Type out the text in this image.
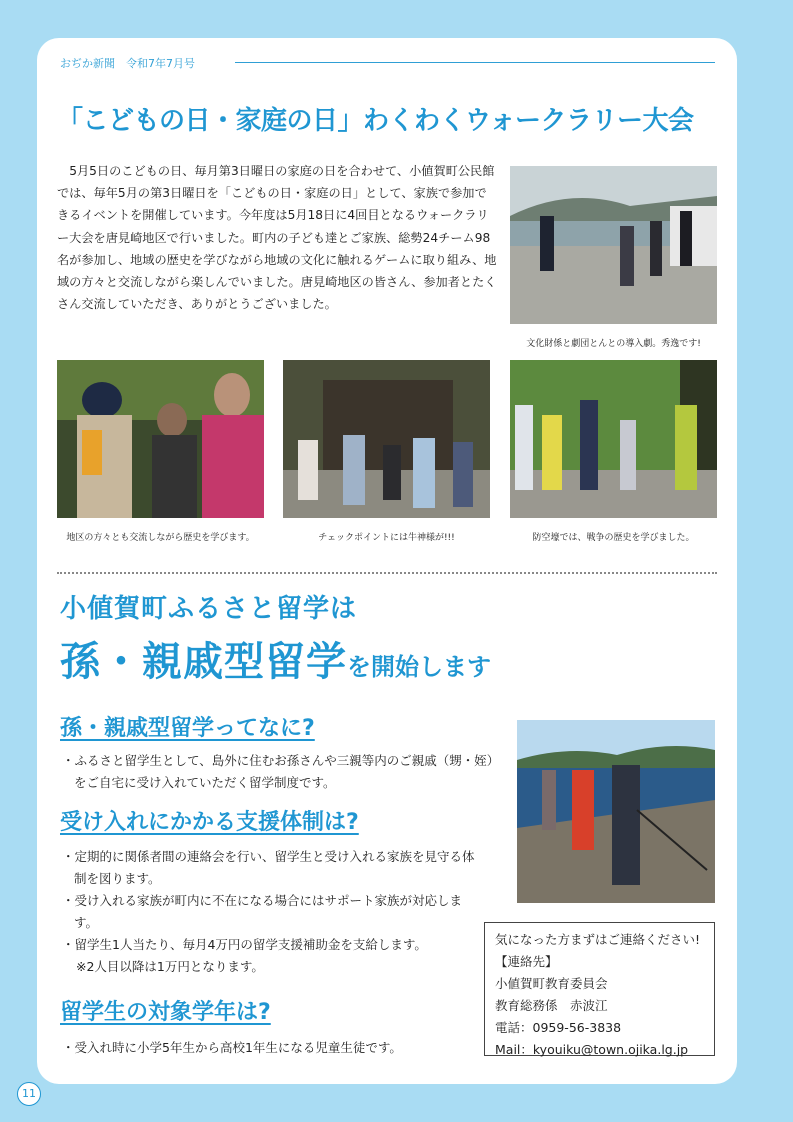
おぢか新聞　令和7年7月号
「こどもの日・家庭の日」わくわくウォークラリー大会
5月5日のこどもの日、毎月第3日曜日の家庭の日を合わせて、小値賀町公民館では、毎年5月の第3日曜日を「こどもの日・家庭の日」として、家族で参加できるイベントを開催しています。今年度は5月18日に4回目となるウォークラリー大会を唐見崎地区で行いました。町内の子ども達とご家族、総勢24チーム98名が参加し、地域の歴史を学びながら地域の文化に触れるゲームに取り組み、地域の方々と交流しながら楽しんでいました。唐見崎地区の皆さん、参加者とたくさん交流していただき、ありがとうございました。
文化財係と劇団とんとの導入劇。秀逸です!
地区の方々とも交流しながら歴史を学びます。	チェックポイントには牛神様が!!!	防空壕では、戦争の歴史を学びました。
小値賀町ふるさと留学は
孫・親戚型留学を開始します
孫・親戚型留学ってなに?
・ふるさと留学生として、島外に住むお孫さんや三親等内のご親戚（甥・姪）をご自宅に受け入れていただく留学制度です。
受け入れにかかる支援体制は?
・定期的に関係者間の連絡会を行い、留学生と受け入れる家族を見守る体制を図ります。
・受け入れる家族が町内に不在になる場合にはサポート家族が対応します。
・留学生1人当たり、毎月4万円の留学支援補助金を支給します。
※2人目以降は1万円となります。
留学生の対象学年は?
・受入れ時に小学5年生から高校1年生になる児童生徒です。
気になった方まずはご連絡ください!
【連絡先】
小値賀町教育委員会
教育総務係　赤波江
電話：0959-56-3838
Mail：kyouiku@town.ojika.lg.jp
11
